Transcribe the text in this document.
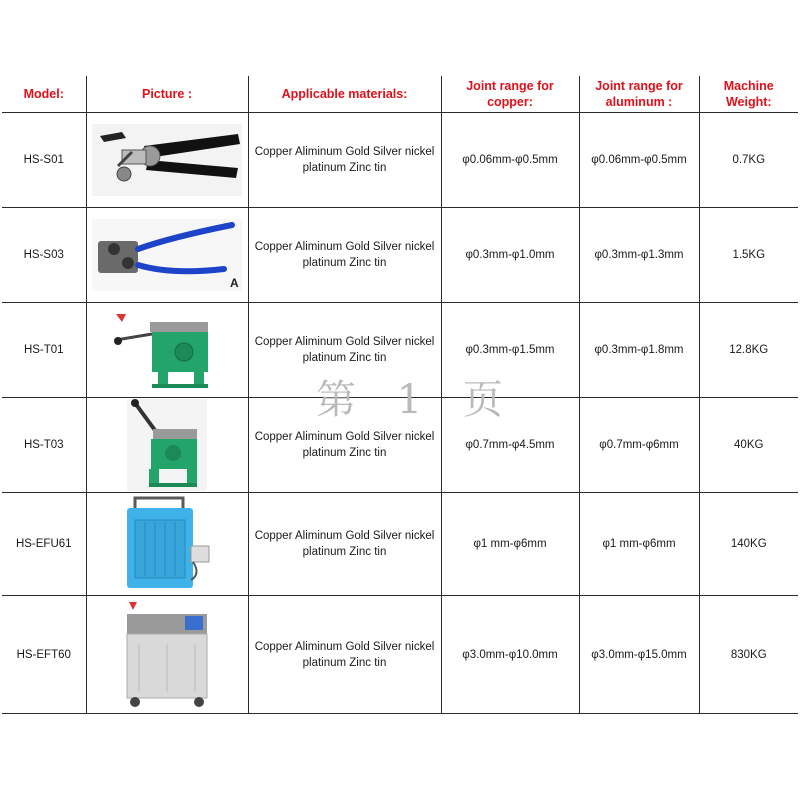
Model:	Picture :	Applicable materials:	Joint range for copper:	Joint range for aluminum :	Machine Weight:
HS-S01		Copper Aliminum Gold Silver nickel platinum Zinc tin	φ0.06mm-φ0.5mm	φ0.06mm-φ0.5mm	0.7KG
HS-S03	A	Copper Aliminum Gold Silver nickel platinum Zinc tin	φ0.3mm-φ1.0mm	φ0.3mm-φ1.3mm	1.5KG
HS-T01		Copper Aliminum Gold Silver nickel platinum Zinc tin	φ0.3mm-φ1.5mm	φ0.3mm-φ1.8mm	12.8KG
HS-T03		Copper Aliminum Gold Silver nickel platinum Zinc tin	φ0.7mm-φ4.5mm	φ0.7mm-φ6mm	40KG
HS-EFU61		Copper Aliminum Gold Silver nickel platinum Zinc tin	φ1 mm-φ6mm	φ1 mm-φ6mm	140KG
HS-EFT60		Copper Aliminum Gold Silver nickel platinum Zinc tin	φ3.0mm-φ10.0mm	φ3.0mm-φ15.0mm	830KG
第 1 页
